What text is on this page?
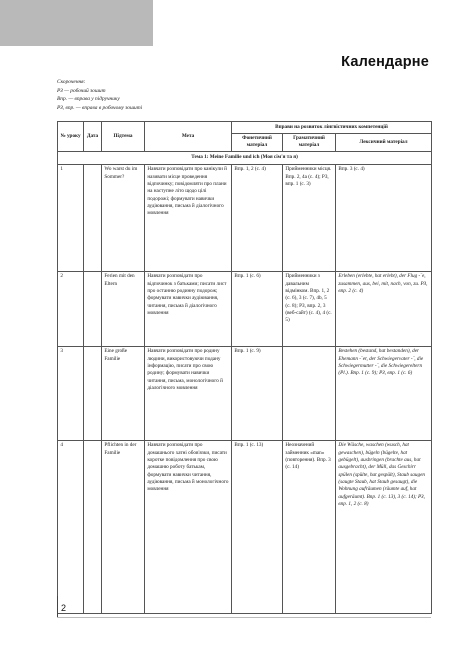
Календарне
Скорочення:
РЗ — робочий зошит
Впр. — вправа у підручнику
РЗ, впр. — вправа в робочому зошиті
№ уроку	Дата	Підтема	Мета	Вправи на розвиток лінгвістичних компетенцій		
				Фонетичний матеріал	Граматичний матеріал	Лексичний матеріал
Тема 1: Meine Familie und ich (Моя сім'я та я)						
1		Wo warst du im Sommer?	Навчати розповідати про канікули й називати місце проведення відпочинку; повідомляти про плани на наступне літо щодо цілі подорожі; формувати навички аудіювання, письма й діалогічного мовлення	Впр. 1, 2 (с. 4)	Прийменники місця. Впр. 2, 4а (с. 4); РЗ, впр. 1 (с. 3)	Впр. 3 (с. 4)
2		Ferien mit den Eltern	Навчати розповідати про відпочинок з батьками; писати лист про останню родинну подорож; формувати навички аудіювання, читання, письма й діалогічного мовлення	Впр. 1 (с. 6)	Прийменники з давальним відмінком. Впр. 1, 2 (с. 6), 3 (с. 7), 4b, 5 (с. 8); РЗ, впр. 2, 3 (веб-сайт) (с. 4), 4 (с. 5)	Erleben (erlebte, hat erlebt), der Flug -¨e, zusammen, aus, bei, mit, nach, von, zu. РЗ, впр. 2 (с. 4)
3		Eine große Familie	Навчати розповідати про родину людини, використовуючи подану інформацію, писати про свою родину; формувати навички читання, письма, монологічного й діалогічного мовлення	Впр. 1 (с. 9)		Bestehen (bestand, hat bestanden), der Ehemann -¨er, der Schwiegervater -¨, die Schwiegermutter -¨, die Schwiegereltern (Pl.). Впр. 1 (с. 9); РЗ, впр. 1 (с. 6)
4		Pflichten in der Familie	Навчати розповідати про домашнього хатні обов'язки, писати коротке повідомлення про свою домашню роботу батькам, формувати навички читання, аудіювання, письма й монологічного мовлення	Впр. 1 (с. 13)	Неозначений займенник «man» (повторення). Впр. 3 (с. 14)	Die Wäsche, waschen (wusch, hat gewaschen), bügeln (bügelte, hat gebügelt), ausbringen (brachte aus, hat ausgebracht), der Müll, das Geschirr spülen (spülte, hat gespült), Staub saugen (saugte Staub, hat Staub gesaugt), die Wohnung aufräumen (räumte auf, hat aufgeräumt). Впр. 1 (с. 13), 3 (с. 14); РЗ, впр. 1, 2 (с. 8)
2
